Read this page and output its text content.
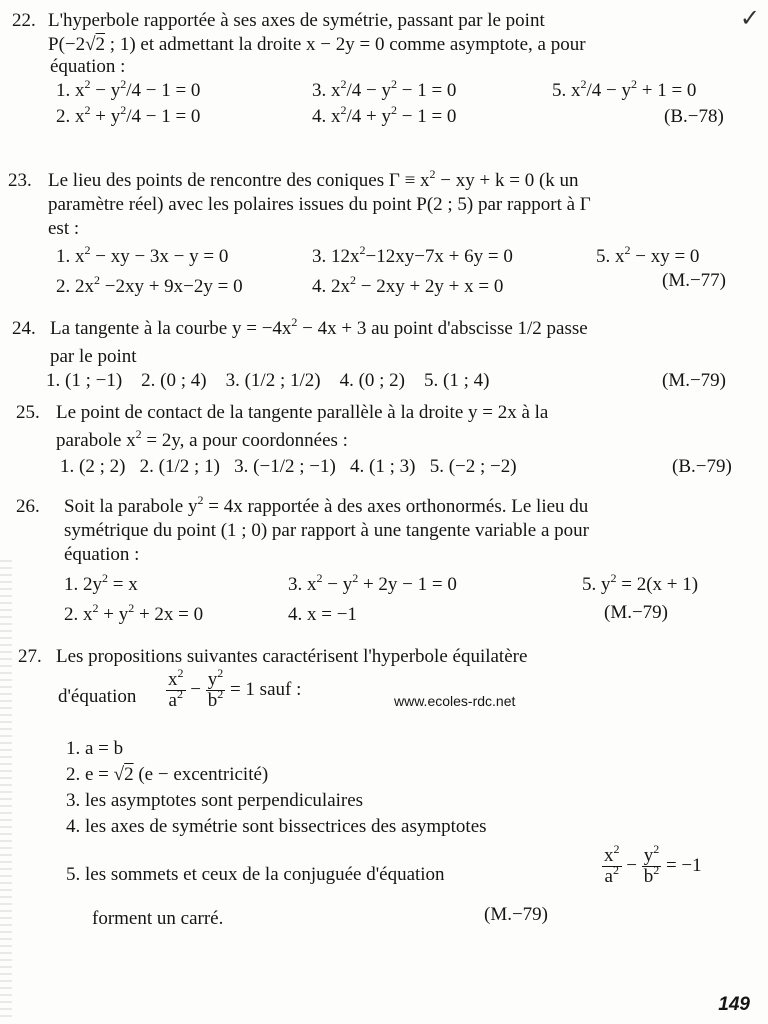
✓
22. L'hyperbole rapportée à ses axes de symétrie, passant par le point
P(−2√2 ; 1) et admettant la droite x − 2y = 0 comme asymptote, a pour
équation :
1. $x^2 - y^2/4 - 1 = 0$	3. $x^2/4 - y^2 - 1 = 0$	5. $x^2/4 - y^2 + 1 = 0$
2. $x^2 + y^2/4 - 1 = 0$	4. $x^2/4 + y^2 - 1 = 0$	(B.−78)
23. Le lieu des points de rencontre des coniques $\Gamma \equiv x^2$ − xy + k = 0 (k un
paramètre réel) avec les polaires issues du point P(2 ; 5) par rapport à Γ
est :
1. $x^2$ − xy − 3x − y = 0	3. $12x^2-12xy-7x + 6y = 0$	5. $x^2$ − xy = 0
2. $2x^2 -2xy + 9x-2y = 0$	4. $2x^2 - 2xy + 2y + x = 0$	(M.−77)
24. La tangente à la courbe $y = -4x^2 - 4x + 3$ au point d'abscisse 1/2 passe
par le point
1. (1 ; −1)    2. (0 ; 4)    3. (1/2 ; 1/2)    4. (0 ; 2)    5. (1 ; 4)	(M.−79)
25. Le point de contact de la tangente parallèle à la droite y = 2x à la
parabole $x^2 = 2y$, a pour coordonnées :
1. (2 ; 2)   2. (1/2 ; 1)   3. (−1/2 ; −1)   4. (1 ; 3)   5. (−2 ; −2)	(B.−79)
26. Soit la parabole $y^2 = 4x$ rapportée à des axes orthonormés. Le lieu du
symétrique du point (1 ; 0) par rapport à une tangente variable a pour
équation :
1. $2y^2 = x$	3. $x^2 - y^2 + 2y - 1 = 0$	5. $y^2 = 2(x + 1)$
2. $x^2 + y^2 + 2x = 0$	4. x = −1	(M.−79)
27. Les propositions suivantes caractérisent l'hyperbole équilatère
d'équation $\frac{x^2}{a^2} - \frac{y^2}{b^2} = 1$ sauf :
www.ecoles-rdc.net
1. a = b
2. e = √2 (e − excentricité)
3. les asymptotes sont perpendiculaires
4. les axes de symétrie sont bissectrices des asymptotes
5. les sommets et ceux de la conjuguée d'équation	$\frac{x^2}{a^2} - \frac{y^2}{b^2} = -1$
forment un carré.	(M.−79)
149
